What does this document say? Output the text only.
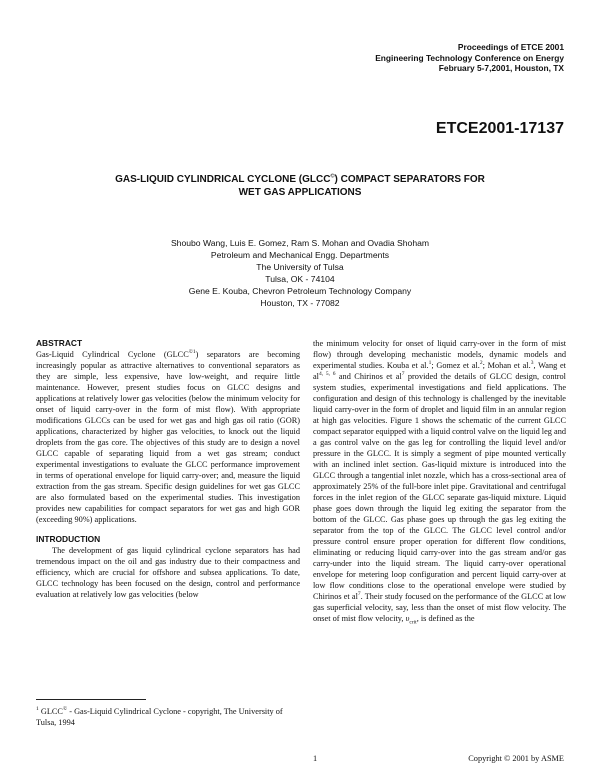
Proceedings of ETCE 2001
Engineering Technology Conference on Energy
February 5-7,2001, Houston, TX
ETCE2001-17137
GAS-LIQUID CYLINDRICAL CYCLONE (GLCC©) COMPACT SEPARATORS FOR
WET GAS APPLICATIONS
Shoubo Wang, Luis E. Gomez, Ram S. Mohan and Ovadia Shoham
Petroleum and Mechanical Engg. Departments
The University of Tulsa
Tulsa, OK - 74104
Gene E. Kouba, Chevron Petroleum Technology Company
Houston, TX - 77082
ABSTRACT

Gas-Liquid Cylindrical Cyclone $(GLCC^{©1})$ separators are becoming increasingly popular as attractive alternatives to conventional separators as they are simple, less expensive, have low-weight, and require little maintenance. However, present studies focus on GLCC designs and applications at relatively lower gas velocities (below the minimum velocity for onset of liquid carry-over in the form of mist flow). With appropriate modifications GLCCs can be used for wet gas and high gas oil ratio (GOR) applications, characterized by higher gas velocities, to knock out the liquid droplets from the gas core. The objectives of this study are to design a novel GLCC capable of separating liquid from a wet gas stream; conduct experimental investigations to evaluate the GLCC performance improvement in terms of operational envelope for liquid carry-over; and, measure the liquid extraction from the gas stream. Specific design guidelines for wet gas GLCC are also formulated based on the experimental studies. This investigation provides new capabilities for compact separators for wet gas and high GOR (exceeding 90%) applications.

INTRODUCTION

The development of gas liquid cylindrical cyclone separators has had tremendous impact on the oil and gas industry due to their compactness and efficiency, which are crucial for offshore and subsea applications. To date, GLCC technology has been focused on the design, control and performance evaluation at relatively low gas velocities (below

the minimum velocity for onset of liquid carry-over in the form of mist flow) through developing mechanistic models, dynamic models and experimental studies. Kouba et al.$^1$; Gomez et al.$^2$; Mohan et al.$^3$, Wang et al$^{4, 5, 6}$ and Chirinos et $al^7$ provided the details of GLCC design, control system studies, experimental investigations and field applications. The configuration and design of this technology is challenged by the inevitable liquid carry-over in the form of droplet and liquid film in an annular region at high gas velocities. Figure 1 shows the schematic of the current GLCC compact separator equipped with a liquid control valve on the liquid leg and a gas control valve on the gas leg for controlling the liquid level and/or pressure in the GLCC. It is simply a segment of pipe mounted vertically with an inclined inlet section. Gas-liquid mixture is introduced into the GLCC through a tangential inlet nozzle, which has a cross-sectional area of approximately 25% of the full-bore inlet pipe. Gravitational and centrifugal forces in the inlet region of the GLCC separate gas-liquid mixture. Liquid phase goes down through the liquid leg exiting the separator from the bottom of the GLCC. Gas phase goes up through the gas leg exiting the separator from the top of the GLCC. The GLCC level control and/or pressure control ensure proper operation for different flow conditions, eliminating or reducing liquid carry-over into the gas stream and/or gas carry-under into the liquid stream. The liquid carry-over operational envelope for metering loop configuration and percent liquid carry-over at low flow conditions close to the operational envelope were studied by Chirinos et $al^7$. Their study focused on the performance of the GLCC at low gas superficial velocity, say, less than the onset of mist flow velocity. The onset of mist flow velocity, $\upsilon_{crit}$, is defined as the

$^1$ GLCC© - Gas-Liquid Cylindrical Cyclone - copyright, The University of Tulsa, 1994
1	Copyright © 2001 by ASME
